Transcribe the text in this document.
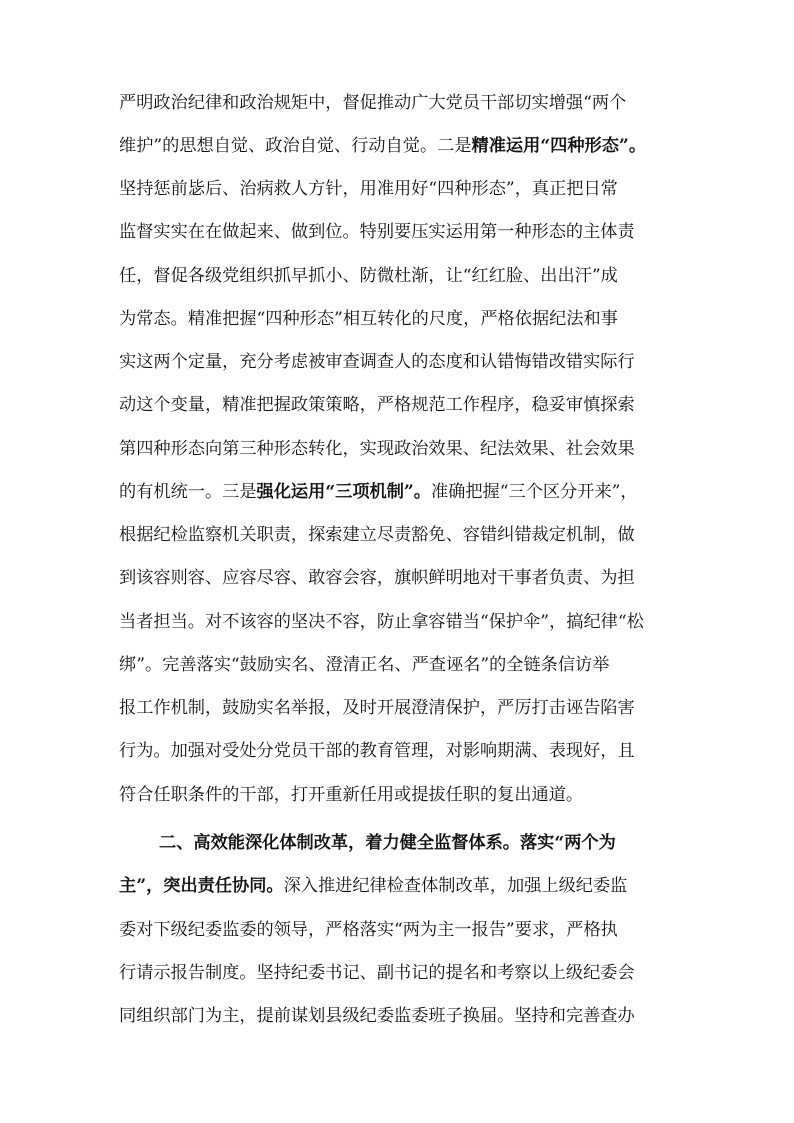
严明政治纪律和政治规矩中，督促推动广大党员干部切实增强“两个
维护”的思想自觉、政治自觉、行动自觉。二是精准运用“四种形态”。
坚持惩前毖后、治病救人方针，用准用好“四种形态”，真正把日常
监督实实在在做起来、做到位。特别要压实运用第一种形态的主体责
任，督促各级党组织抓早抓小、防微杜渐，让“红红脸、出出汗”成
为常态。精准把握“四种形态”相互转化的尺度，严格依据纪法和事
实这两个定量，充分考虑被审查调查人的态度和认错悔错改错实际行
动这个变量，精准把握政策策略，严格规范工作程序，稳妥审慎探索
第四种形态向第三种形态转化，实现政治效果、纪法效果、社会效果
的有机统一。三是强化运用“三项机制”。准确把握“三个区分开来”，
根据纪检监察机关职责，探索建立尽责豁免、容错纠错裁定机制，做
到该容则容、应容尽容、敢容会容，旗帜鲜明地对干事者负责、为担
当者担当。对不该容的坚决不容，防止拿容错当“保护伞”，搞纪律“松
绑”。完善落实“鼓励实名、澄清正名、严查诬名”的全链条信访举
报工作机制，鼓励实名举报，及时开展澄清保护，严厉打击诬告陷害
行为。加强对受处分党员干部的教育管理，对影响期满、表现好，且
符合任职条件的干部，打开重新任用或提拔任职的复出通道。
二、高效能深化体制改革，着力健全监督体系。落实“两个为
主”，突出责任协同。深入推进纪律检查体制改革，加强上级纪委监
委对下级纪委监委的领导，严格落实“两为主一报告”要求，严格执
行请示报告制度。坚持纪委书记、副书记的提名和考察以上级纪委会
同组织部门为主，提前谋划县级纪委监委班子换届。坚持和完善查办
